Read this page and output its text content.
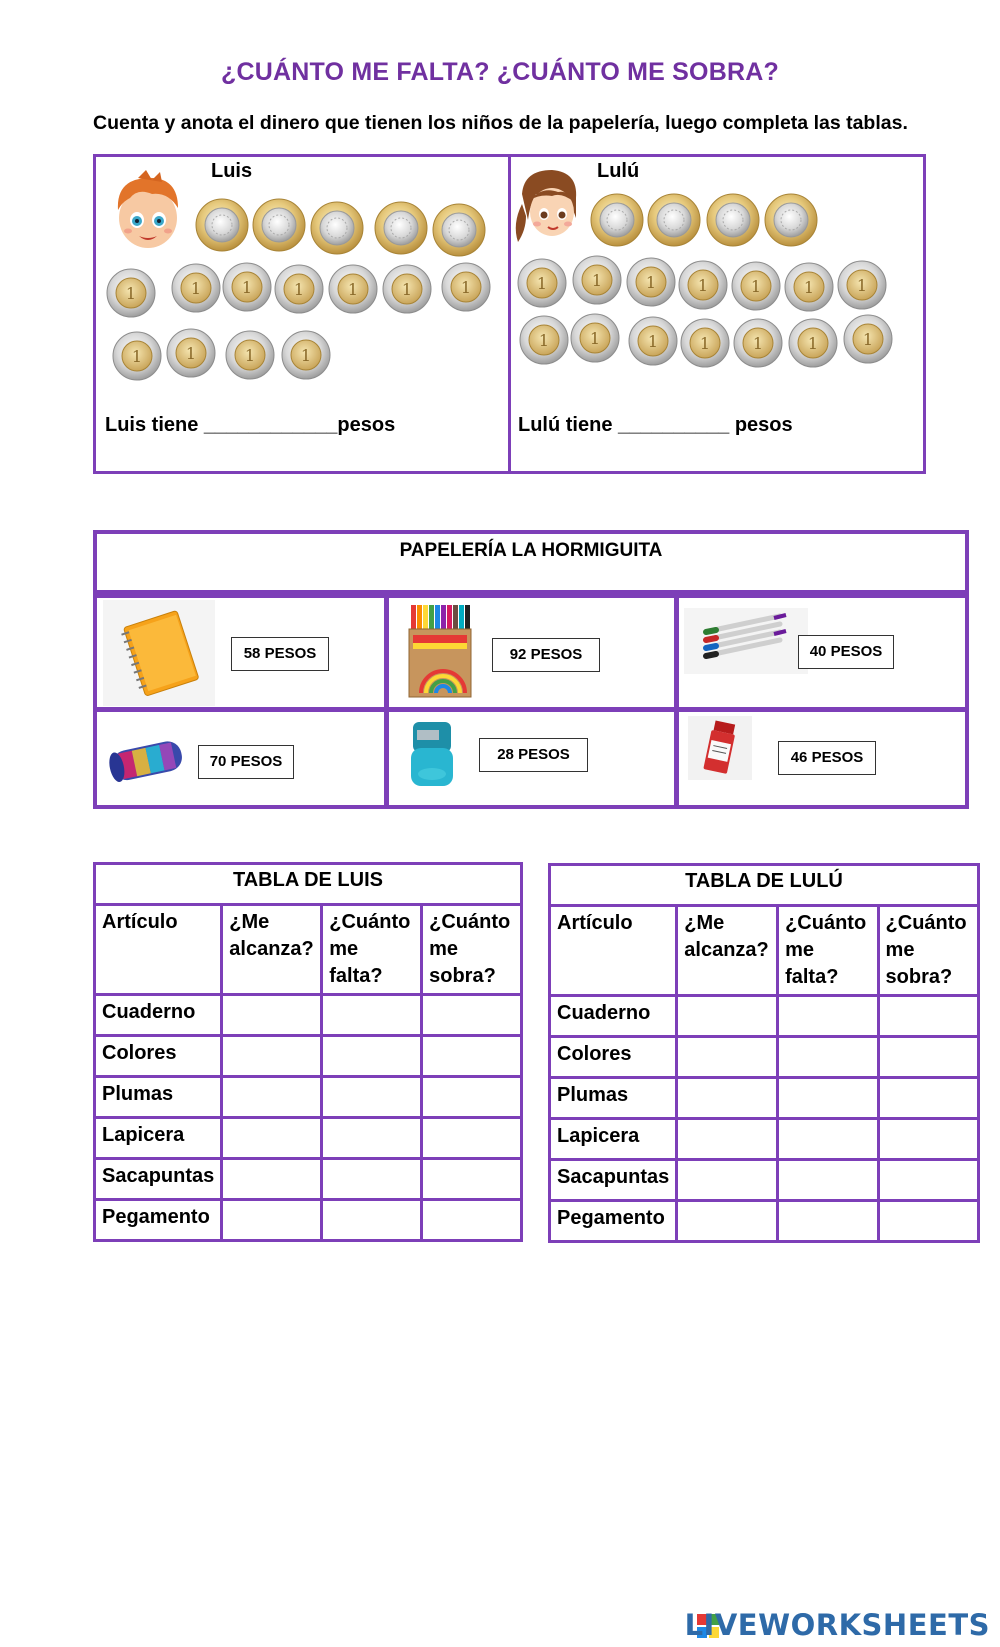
¿CUÁNTO ME FALTA? ¿CUÁNTO ME SOBRA?
Cuenta y anota el dinero que tienen los niños de la papelería, luego completa las tablas.
Luis
1	1	1	1	1	1	1
1	1	1	1
Luis tiene ____________pesos
Lulú
1	1	1	1	1	1	1
1	1	1	1	1	1	1
Lulú tiene __________ pesos
PAPELERÍA LA HORMIGUITA
58 PESOS	92 PESOS	40 PESOS
70 PESOS	28 PESOS	46 PESOS
TABLA DE LUIS			
Artículo	¿Me alcanza?	¿Cuánto me falta?	¿Cuánto me sobra?
Cuaderno			
Colores			
Plumas			
Lapicera			
Sacapuntas			
Pegamento			
TABLA DE LULÚ			
Artículo	¿Me alcanza?	¿Cuánto me falta?	¿Cuánto me sobra?
Cuaderno			
Colores			
Plumas			
Lapicera			
Sacapuntas			
Pegamento			
LIVEWORKSHEETS
